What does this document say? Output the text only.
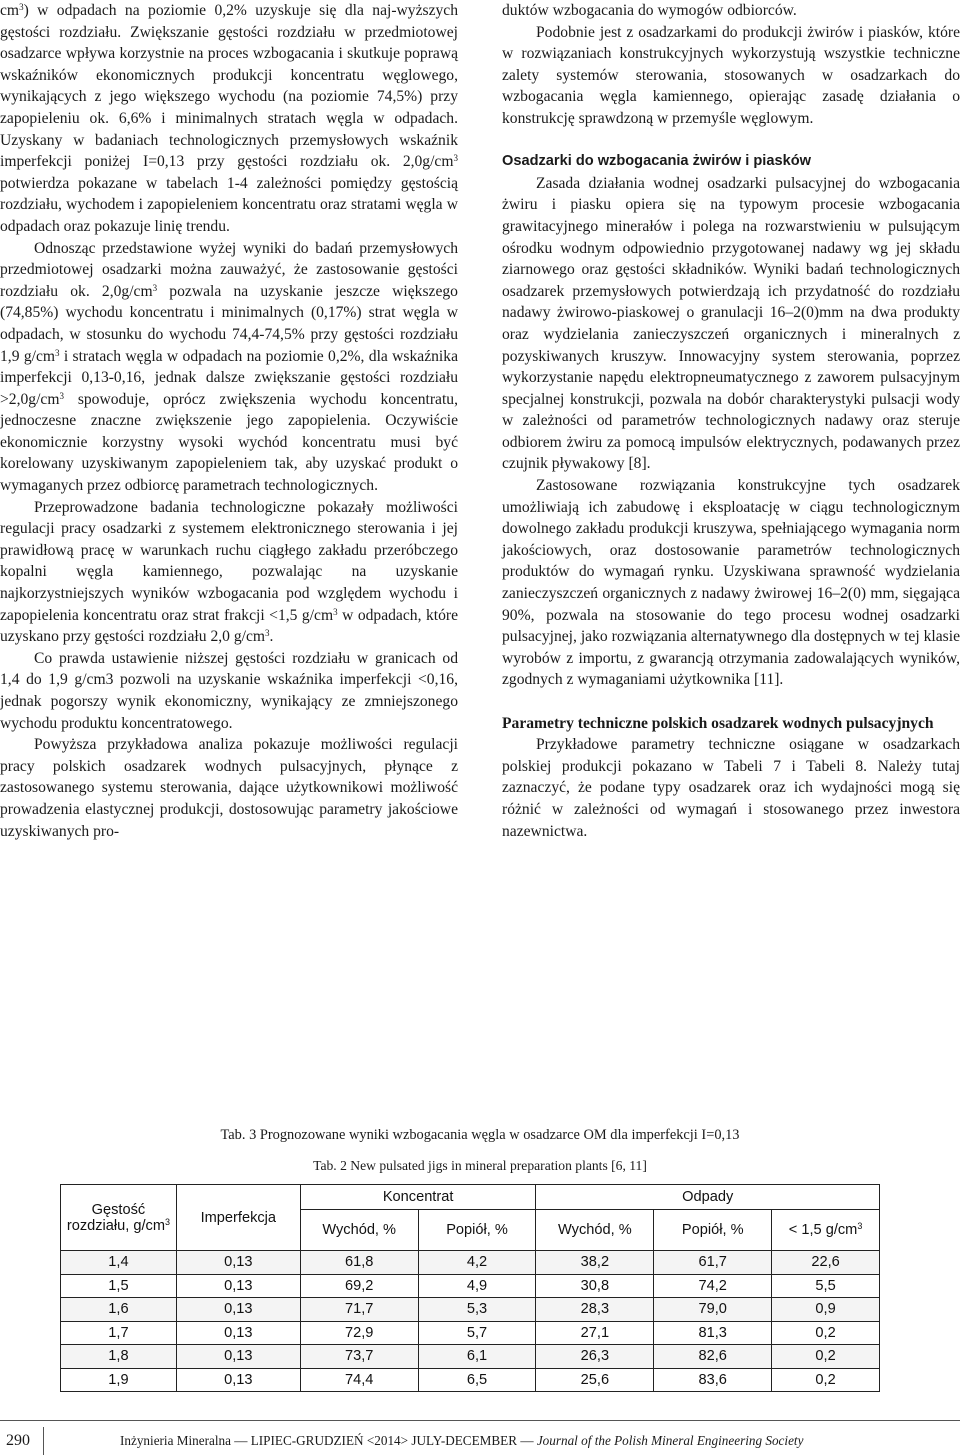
$cm^3$) w odpadach na poziomie 0,2% uzyskuje się dla naj-wyższych gęstości rozdziału. Zwiększanie gęstości rozdziału w przedmiotowej osadzarce wpływa korzystnie na proces wzbogacania i skutkuje poprawą wskaźników ekonomicznych produkcji koncentratu węglowego, wynikających z jego większego wychodu (na poziomie 74,5%) przy zapopieleniu ok. 6,6% i minimalnych stratach węgla w odpadach. Uzyskany w badaniach technologicznych przemysłowych wskaźnik imperfekcji poniżej I=0,13 przy gęstości rozdziału ok. $2,0g/cm^3$ potwierdza pokazane w tabelach 1-4 zależności pomiędzy gęstością rozdziału, wychodem i zapopieleniem koncentratu oraz stratami węgla w odpadach oraz pokazuje linię trendu.

Odnosząc przedstawione wyżej wyniki do badań przemysłowych przedmiotowej osadzarki można zauważyć, że zastosowanie gęstości rozdziału ok. $2,0g/cm^3$ pozwala na uzyskanie jeszcze większego (74,85%) wychodu koncentratu i minimalnych (0,17%) strat węgla w odpadach, w stosunku do wychodu 74,4-74,5% przy gęstości rozdziału 1,9 $g/cm^3$ i stratach węgla w odpadach na poziomie 0,2%, dla wskaźnika imperfekcji 0,13-0,16, jednak dalsze zwiększanie gęstości rozdziału $>2,0g/cm^3$ spowoduje, oprócz zwiększenia wychodu koncentratu, jednoczesne znaczne zwiększenie jego zapopielenia. Oczywiście ekonomicznie korzystny wysoki wychód koncentratu musi być korelowany uzyskiwanym zapopieleniem tak, aby uzyskać produkt o wymaganych przez odbiorcę parametrach technologicznych.

Przeprowadzone badania technologiczne pokazały możliwości regulacji pracy osadzarki z systemem elektronicznego sterowania i jej prawidłową pracę w warunkach ruchu ciągłego zakładu przeróbczego kopalni węgla kamiennego, pozwalając na uzyskanie najkorzystniejszych wyników wzbogacania pod względem wychodu i zapopielenia koncentratu oraz strat frakcji <1,5 $g/cm^3$ w odpadach, które uzyskano przy gęstości rozdziału 2,0 $g/cm^3$.

Co prawda ustawienie niższej gęstości rozdziału w granicach od 1,4 do 1,9 g/cm3 pozwoli na uzyskanie wskaźnika imperfekcji <0,16, jednak pogorszy wynik ekonomiczny, wynikający ze zmniejszonego wychodu produktu koncentratowego.

Powyższa przykładowa analiza pokazuje możliwości regulacji pracy polskich osadzarek wodnych pulsacyjnych, płynące z zastosowanego systemu sterowania, dające użytkownikowi możliwość prowadzenia elastycznej produkcji, dostosowując parametry jakościowe uzyskiwanych pro-

duktów wzbogacania do wymogów odbiorców.

Podobnie jest z osadzarkami do produkcji żwirów i piasków, które w rozwiązaniach konstrukcyjnych wykorzystują wszystkie techniczne zalety systemów sterowania, stosowanych w osadzarkach do wzbogacania węgla kamiennego, opierając zasadę działania o konstrukcję sprawdzoną w przemyśle węglowym.

Osadzarki do wzbogacania żwirów i piasków

Zasada działania wodnej osadzarki pulsacyjnej do wzbogacania żwiru i piasku opiera się na typowym procesie wzbogacania grawitacyjnego minerałów i polega na rozwarstwieniu w pulsującym ośrodku wodnym odpowiednio przygotowanej nadawy wg jej składu ziarnowego oraz gęstości składników. Wyniki badań technologicznych osadzarek przemysłowych potwierdzają ich przydatność do rozdziału nadawy żwirowo-piaskowej o granulacji 16–2(0)mm na dwa produkty oraz wydzielania zanieczyszczeń organicznych i mineralnych z pozyskiwanych kruszyw. Innowacyjny system sterowania, poprzez wykorzystanie napędu elektropneumatycznego z zaworem pulsacyjnym specjalnej konstrukcji, pozwala na dobór charakterystyki pulsacji wody w zależności od parametrów technologicznych nadawy oraz steruje odbiorem żwiru za pomocą impulsów elektrycznych, podawanych przez czujnik pływakowy [8].

Zastosowane rozwiązania konstrukcyjne tych osadzarek umożliwiają ich zabudowę i eksploatację w ciągu technologicznym dowolnego zakładu produkcji kruszywa, spełniającego wymagania norm jakościowych, oraz dostosowanie parametrów technologicznych produktów do wymagań rynku. Uzyskiwana sprawność wydzielania zanieczyszczeń organicznych z nadawy żwirowej 16–2(0) mm, sięgająca 90%, pozwala na stosowanie do tego procesu wodnej osadzarki pulsacyjnej, jako rozwiązania alternatywnego dla dostępnych w tej klasie wyrobów z importu, z gwarancją otrzymania zadowalających wyników, zgodnych z wymaganiami użytkownika [11].

Parametry techniczne polskich osadzarek wodnych pulsacyjnych

Przykładowe parametry techniczne osiągane w osadzarkach polskiej produkcji pokazano w Tabeli 7 i Tabeli 8. Należy tutaj zaznaczyć, że podane typy osadzarek oraz ich wydajności mogą się różnić w zależności od wymagań i stosowanego przez inwestora nazewnictwa.

Tab. 3 Prognozowane wyniki wzbogacania węgla w osadzarce OM dla imperfekcji I=0,13
Tab. 2 New pulsated jigs in mineral preparation plants [6, 11]
Gęstość rozdziału, $g/cm^3$	Imperfekcja	Koncentrat		Odpady		
		Wychód, %	Popiół, %	Wychód, %	Popiół, %	< 1,5 $g/cm^3$
1,4	0,13	61,8	4,2	38,2	61,7	22,6
1,5	0,13	69,2	4,9	30,8	74,2	5,5
1,6	0,13	71,7	5,3	28,3	79,0	0,9
1,7	0,13	72,9	5,7	27,1	81,3	0,2
1,8	0,13	73,7	6,1	26,3	82,6	0,2
1,9	0,13	74,4	6,5	25,6	83,6	0,2
290	Inżynieria Mineralna — LIPIEC-GRUDZIEŃ <2014> JULY-DECEMBER — Journal of the Polish Mineral Engineering Society
